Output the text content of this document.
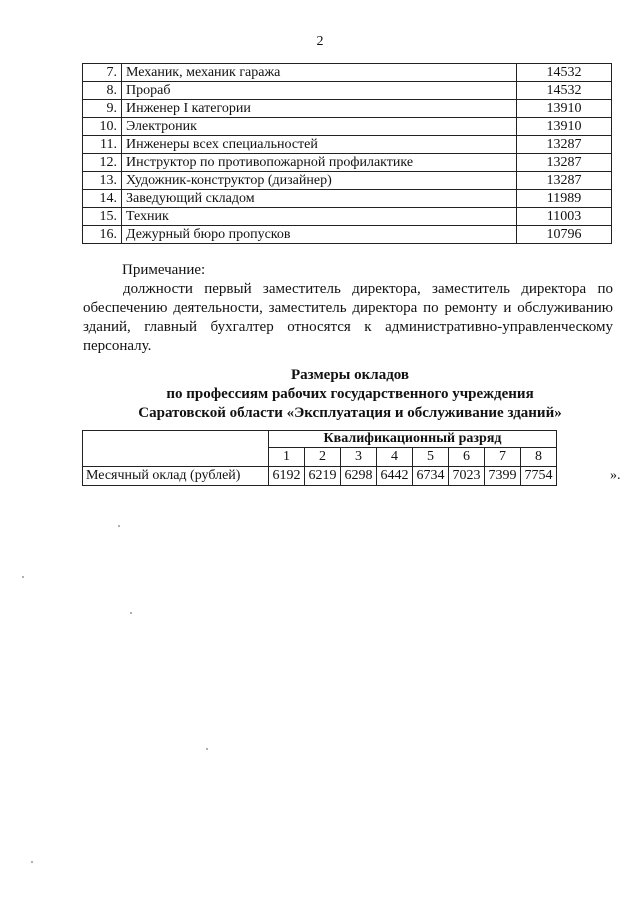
2
7.	Механик, механик гаража	14532
8.	Прораб	14532
9.	Инженер I категории	13910
10.	Электроник	13910
11.	Инженеры всех специальностей	13287
12.	Инструктор по противопожарной профилактике	13287
13.	Художник-конструктор (дизайнер)	13287
14.	Заведующий складом	11989
15.	Техник	11003
16.	Дежурный бюро пропусков	10796
Примечание:
должности первый заместитель директора, заместитель директора по обеспечению деятельности, заместитель директора по ремонту и обслуживанию зданий, главный бухгалтер относятся к административно-управленческому персоналу.
Размеры окладов
по профессиям рабочих государственного учреждения
Саратовской области «Эксплуатация и обслуживание зданий»
	Квалификационный разряд							
	1	2	3	4	5	6	7	8
Месячный оклад (рублей)	6192	6219	6298	6442	6734	7023	7399	7754	».
